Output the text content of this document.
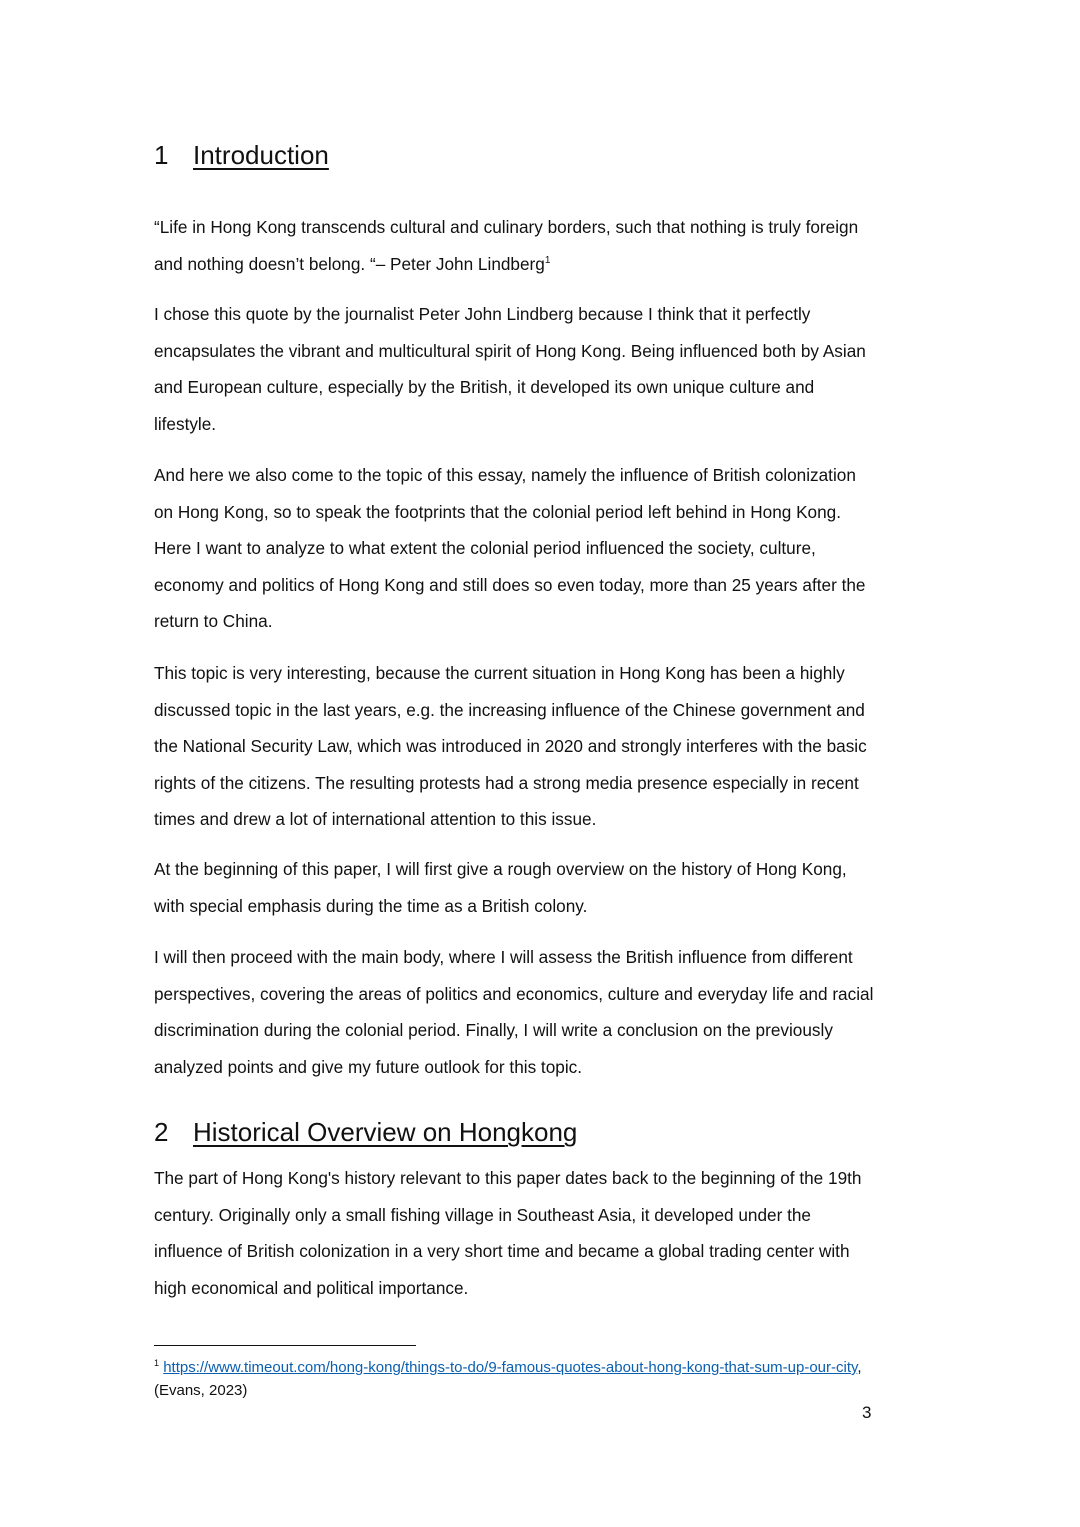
1 Introduction

“Life in Hong Kong transcends cultural and culinary borders, such that nothing is truly foreign and nothing doesn’t belong. “– Peter John Lindberg$^1$

I chose this quote by the journalist Peter John Lindberg because I think that it perfectly encapsulates the vibrant and multicultural spirit of Hong Kong. Being influenced both by Asian and European culture, especially by the British, it developed its own unique culture and lifestyle.

And here we also come to the topic of this essay, namely the influence of British colonization on Hong Kong, so to speak the footprints that the colonial period left behind in Hong Kong. Here I want to analyze to what extent the colonial period influenced the society, culture, economy and politics of Hong Kong and still does so even today, more than 25 years after the return to China.

This topic is very interesting, because the current situation in Hong Kong has been a highly discussed topic in the last years, e.g. the increasing influence of the Chinese government and the National Security Law, which was introduced in 2020 and strongly interferes with the basic rights of the citizens. The resulting protests had a strong media presence especially in recent times and drew a lot of international attention to this issue.

At the beginning of this paper, I will first give a rough overview on the history of Hong Kong, with special emphasis during the time as a British colony.

I will then proceed with the main body, where I will assess the British influence from different perspectives, covering the areas of politics and economics, culture and everyday life and racial discrimination during the colonial period. Finally, I will write a conclusion on the previously analyzed points and give my future outlook for this topic.

2 Historical Overview on Hongkong

The part of Hong Kong's history relevant to this paper dates back to the beginning of the 19th century. Originally only a small fishing village in Southeast Asia, it developed under the influence of British colonization in a very short time and became a global trading center with high economical and political importance.

$^1$ https://www.timeout.com/hong-kong/things-to-do/9-famous-quotes-about-hong-kong-that-sum-up-our-city, (Evans, 2023)

3
